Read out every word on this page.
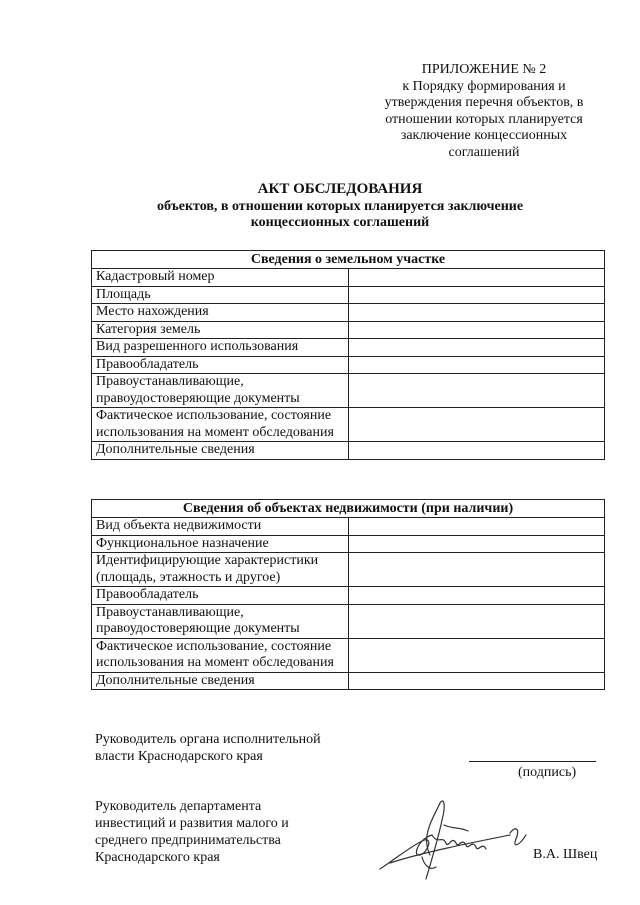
ПРИЛОЖЕНИЕ № 2
к Порядку формирования и
утверждения перечня объектов, в
отношении которых планируется
заключение концессионных
соглашений
АКТ ОБСЛЕДОВАНИЯ
объектов, в отношении которых планируется заключение
концессионных соглашений
Сведения о земельном участке	
Кадастровый номер	
Площадь	
Место нахождения	
Категория земель	
Вид разрешенного использования	
Правообладатель	
Правоустанавливающие, правоудостоверяющие документы	
Фактическое использование, состояние использования на момент обследования	
Дополнительные сведения	
Сведения об объектах недвижимости (при наличии)	
Вид объекта недвижимости	
Функциональное назначение	
Идентифицирующие характеристики (площадь, этажность и другое)	
Правообладатель	
Правоустанавливающие, правоудостоверяющие документы	
Фактическое использование, состояние использования на момент обследования	
Дополнительные сведения	
Руководитель органа исполнительной
власти Краснодарского края
(подпись)
Руководитель департамента
инвестиций и развития малого и
среднего предпринимательства
Краснодарского края	В.А. Швец
